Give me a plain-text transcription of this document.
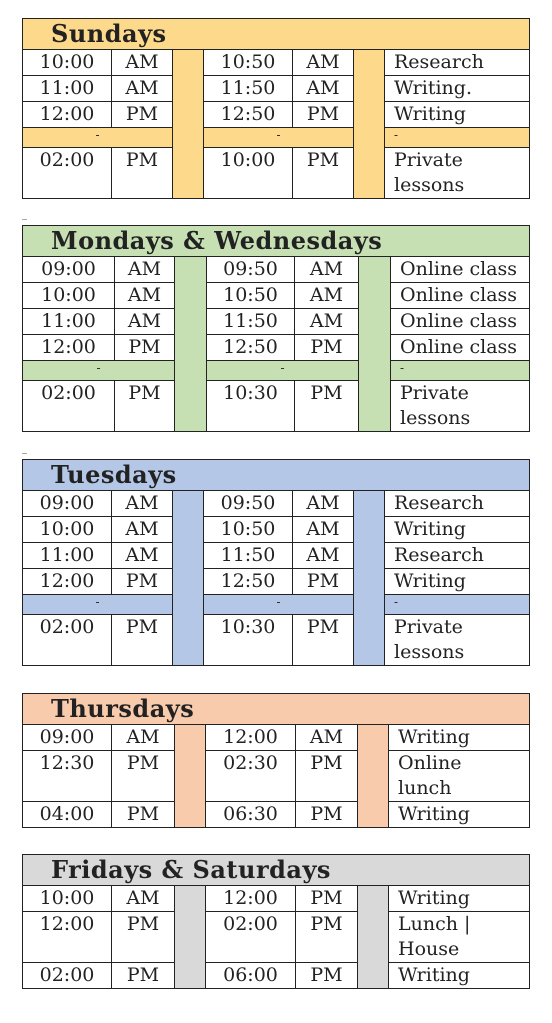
Sundays						
10:00	AM		10:50	AM		Research
11:00	AM		11:50	AM		Writing.
12:00	PM		12:50	PM		Writing
-			-			-
02:00	PM		10:00	PM		Private
lessons
_
Mondays & Wednesdays						
09:00	AM		09:50	AM		Online class
10:00	AM		10:50	AM		Online class
11:00	AM		11:50	AM		Online class
12:00	PM		12:50	PM		Online class
-			-			-
02:00	PM		10:30	PM		Private
lessons
_
Tuesdays						
09:00	AM		09:50	AM		Research
10:00	AM		10:50	AM		Writing
11:00	AM		11:50	AM		Research
12:00	PM		12:50	PM		Writing
-			-			-
02:00	PM		10:30	PM		Private
lessons
Thursdays						
09:00	AM		12:00	AM		Writing
12:30	PM		02:30	PM		Online
lunch

04:00	PM		06:30	PM		Writing
Fridays & Saturdays						
10:00	AM		12:00	PM		Writing
12:00	PM		02:00	PM		Lunch |
House

02:00	PM		06:00	PM		Writing
